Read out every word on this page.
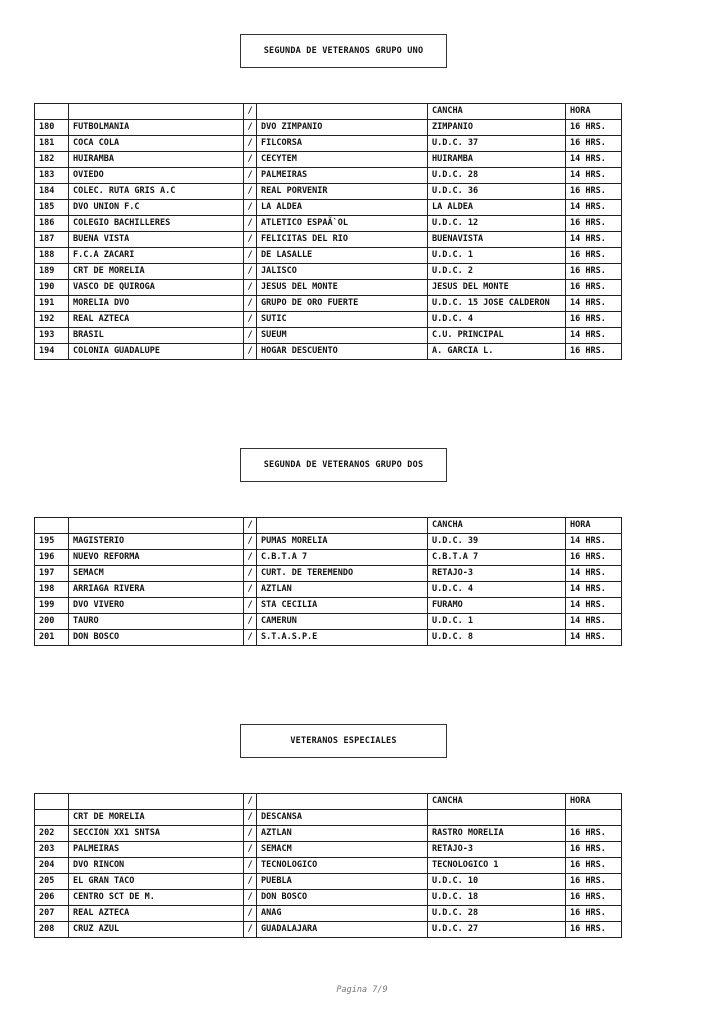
SEGUNDA DE VETERANOS GRUPO UNO
		/		CANCHA	HORA
180	FUTBOLMANIA	/	DVO ZIMPANIO	ZIMPANIO	16 HRS.
181	COCA COLA	/	FILCORSA	U.D.C. 37	16 HRS.
182	HUIRAMBA	/	CECYTEM	HUIRAMBA	14 HRS.
183	OVIEDO	/	PALMEIRAS	U.D.C. 28	14 HRS.
184	COLEC. RUTA GRIS A.C	/	REAL PORVENIR	U.D.C. 36	16 HRS.
185	DVO UNION F.C	/	LA ALDEA	LA ALDEA	14 HRS.
186	COLEGIO BACHILLERES	/	ATLETICO ESPAÃ`OL	U.D.C. 12	16 HRS.
187	BUENA VISTA	/	FELICITAS DEL RIO	BUENAVISTA	14 HRS.
188	F.C.A ZACARI	/	DE LASALLE	U.D.C. 1	16 HRS.
189	CRT DE MORELIA	/	JALISCO	U.D.C. 2	16 HRS.
190	VASCO DE QUIROGA	/	JESUS DEL MONTE	JESUS DEL MONTE	16 HRS.
191	MORELIA DVO	/	GRUPO DE ORO FUERTE	U.D.C. 15 JOSE CALDERON	14 HRS.
192	REAL AZTECA	/	SUTIC	U.D.C. 4	16 HRS.
193	BRASIL	/	SUEUM	C.U. PRINCIPAL	14 HRS.
194	COLONIA GUADALUPE	/	HOGAR DESCUENTO	A. GARCIA L.	16 HRS.
SEGUNDA DE VETERANOS GRUPO DOS
		/		CANCHA	HORA
195	MAGISTERIO	/	PUMAS MORELIA	U.D.C. 39	14 HRS.
196	NUEVO REFORMA	/	C.B.T.A 7	C.B.T.A 7	16 HRS.
197	SEMACM	/	CURT. DE TEREMENDO	RETAJO-3	14 HRS.
198	ARRIAGA RIVERA	/	AZTLAN	U.D.C. 4	14 HRS.
199	DVO VIVERO	/	STA CECILIA	FURAMO	14 HRS.
200	TAURO	/	CAMERUN	U.D.C. 1	14 HRS.
201	DON BOSCO	/	S.T.A.S.P.E	U.D.C. 8	14 HRS.
VETERANOS ESPECIALES
		/		CANCHA	HORA
	CRT DE MORELIA	/	DESCANSA		
202	SECCION XX1 SNTSA	/	AZTLAN	RASTRO MORELIA	16 HRS.
203	PALMEIRAS	/	SEMACM	RETAJO-3	16 HRS.
204	DVO RINCON	/	TECNOLOGICO	TECNOLOGICO 1	16 HRS.
205	EL GRAN TACO	/	PUEBLA	U.D.C. 10	16 HRS.
206	CENTRO SCT DE M.	/	DON BOSCO	U.D.C. 18	16 HRS.
207	REAL AZTECA	/	ANAG	U.D.C. 28	16 HRS.
208	CRUZ AZUL	/	GUADALAJARA	U.D.C. 27	16 HRS.
Pagina 7/9
